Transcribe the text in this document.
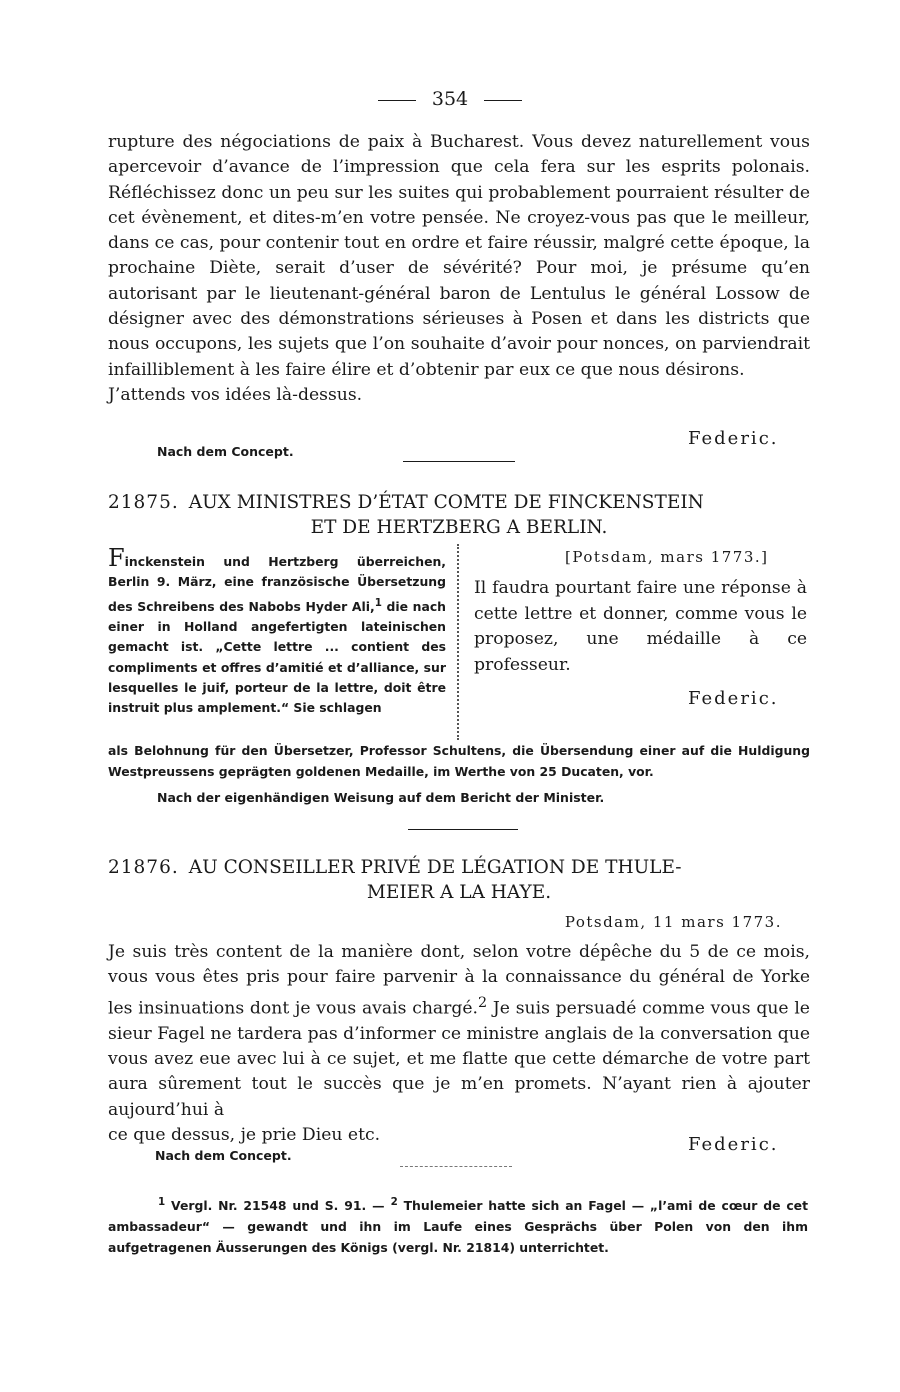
354

rupture des négociations de paix à Bucharest. Vous devez naturellement vous apercevoir d’avance de l’impression que cela fera sur les esprits polonais. Réfléchissez donc un peu sur les suites qui probablement pourraient résulter de cet évènement, et dites-m’en votre pensée. Ne croyez-vous pas que le meilleur, dans ce cas, pour contenir tout en ordre et faire réussir, malgré cette époque, la prochaine Diète, serait d’user de sévérité? Pour moi, je présume qu’en autorisant par le lieutenant-général baron de Lentulus le général Lossow de désigner avec des démonstrations sérieuses à Posen et dans les districts que nous occupons, les sujets que l’on souhaite d’avoir pour nonces, on parviendrait infailliblement à les faire élire et d’obtenir par eux ce que nous désirons.
J’attends vos idées là-dessus.

Federic.

Nach dem Concept.

21875. AUX MINISTRES D’ÉTAT COMTE DE FINCKENSTEIN
ET DE HERTZBERG A BERLIN.

Finckenstein und Hertzberg überreichen, Berlin 9. März, eine französische Übersetzung des Schreibens des Nabobs Hyder Ali,$^1$ die nach einer in Holland angefertigten lateinischen gemacht ist. „Cette lettre ... contient des compliments et offres d’amitié et d’alliance, sur lesquelles le juif, porteur de la lettre, doit être instruit plus amplement.“ Sie schlagen

[Potsdam, mars 1773.]

Il faudra pourtant faire une réponse à cette lettre et donner, comme vous le proposez, une médaille à ce professeur.

Federic.

als Belohnung für den Übersetzer, Professor Schultens, die Übersendung einer auf die Huldigung Westpreussens geprägten goldenen Medaille, im Werthe von 25 Ducaten, vor.

Nach der eigenhändigen Weisung auf dem Bericht der Minister.

21876. AU CONSEILLER PRIVÉ DE LÉGATION DE THULE-
MEIER A LA HAYE.

Potsdam, 11 mars 1773.

Je suis très content de la manière dont, selon votre dépêche du 5 de ce mois, vous vous êtes pris pour faire parvenir à la connaissance du général de Yorke les insinuations dont je vous avais chargé.$^2$ Je suis persuadé comme vous que le sieur Fagel ne tardera pas d’informer ce ministre anglais de la conversation que vous avez eue avec lui à ce sujet, et me flatte que cette démarche de votre part aura sûrement tout le succès que je m’en promets. N’ayant rien à ajouter aujourd’hui à
ce que dessus, je prie Dieu etc.	Federic.

Nach dem Concept.

$^1$ Vergl. Nr. 21548 und S. 91. — $^2$ Thulemeier hatte sich an Fagel — „l’ami de cœur de cet ambassadeur“ — gewandt und ihn im Laufe eines Gesprächs über Polen von den ihm aufgetragenen Äusserungen des Königs (vergl. Nr. 21814) unterrichtet.
